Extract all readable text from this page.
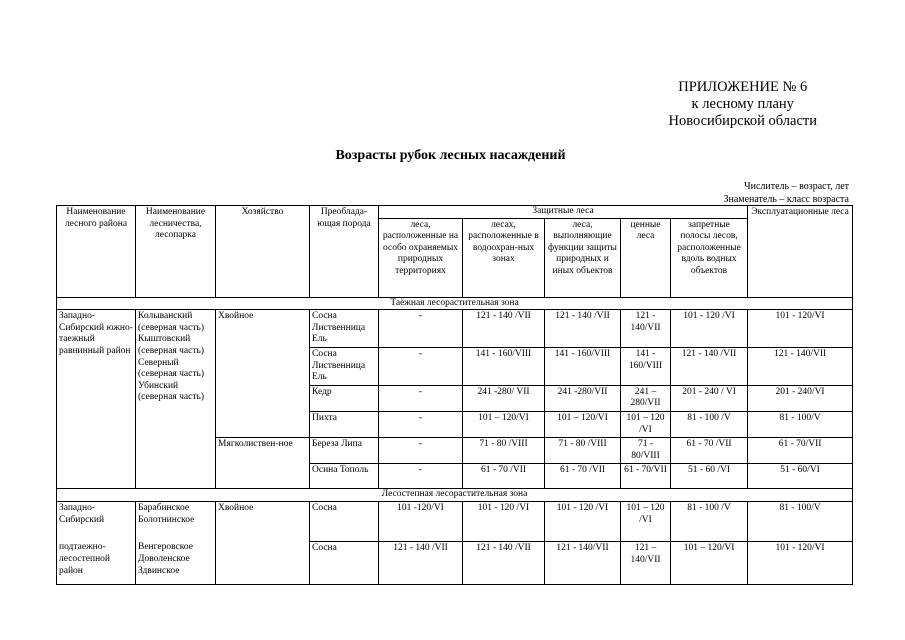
ПРИЛОЖЕНИЕ № 6
к лесному плану
Новосибирской области
Возрасты рубок лесных насаждений
Числитель – возраст, лет
Знаменатель – класс возраста
Наименование лесного района	Наименование лесничества, лесопарка	Хозяйство	Преоблада-ющая порода	Защитные леса					Эксплуатационные леса
				леса, расположенные на особо охраняемых природных территориях	лесах, расположенные в водоохран-ных зонах	леса, выполняющие функции защиты природных и иных объектов	ценные леса	запретные полосы лесов, расположенные вдоль водных объектов	
Таёжная лесорастительная зона									
Западно-Сибирский южно-таежный равнинный район	Колыванский (северная часть) Кыштовский (северная часть) Северный (северная часть) Убинский (северная часть)	Хвойное	Сосна Лиственница Ель	-	121 - 140 /VII	121 - 140 /VII	121 - 140/VII	101 - 120 /VI	101 - 120/VI
			Сосна Лиственница Ель	-	141 - 160/VIII	141 - 160/VIII	141 - 160/VIII	121 - 140 /VII	121 - 140/VII
			Кедр	-	241 -280/ VII	241 -280/VII	241 – 280/VII	201 - 240 / VI	201 - 240/VI
			Пихта	-	101 – 120/VI	101 – 120/VI	101 – 120 /VI	81 - 100 /V	81 - 100/V
		Мягколиствен-ное	Береза Липа	-	71 - 80 /VIII	71 - 80 /VIII	71 - 80/VIII	61 - 70 /VII	61 - 70/VII
			Осина Тополь	-	61 - 70 /VII	61 - 70 /VII	61 - 70/VII	51 - 60 /VI	51 - 60/VI
Лесостепная лесорастительная зона									
Западно-Сибирский	Барабинское Болотнинское	Хвойное	Сосна	101 -120/VI	101 - 120 /VI	101 - 120 /VI	101 – 120 /VI	81 - 100 /V	81 - 100/V
подтаежно-лесостепной район	Венгеровское Доволенское Здвинское		Сосна	121 - 140 /VII	121 - 140 /VII	121 - 140/VII	121 – 140/VII	101 – 120/VI	101 - 120/VI
